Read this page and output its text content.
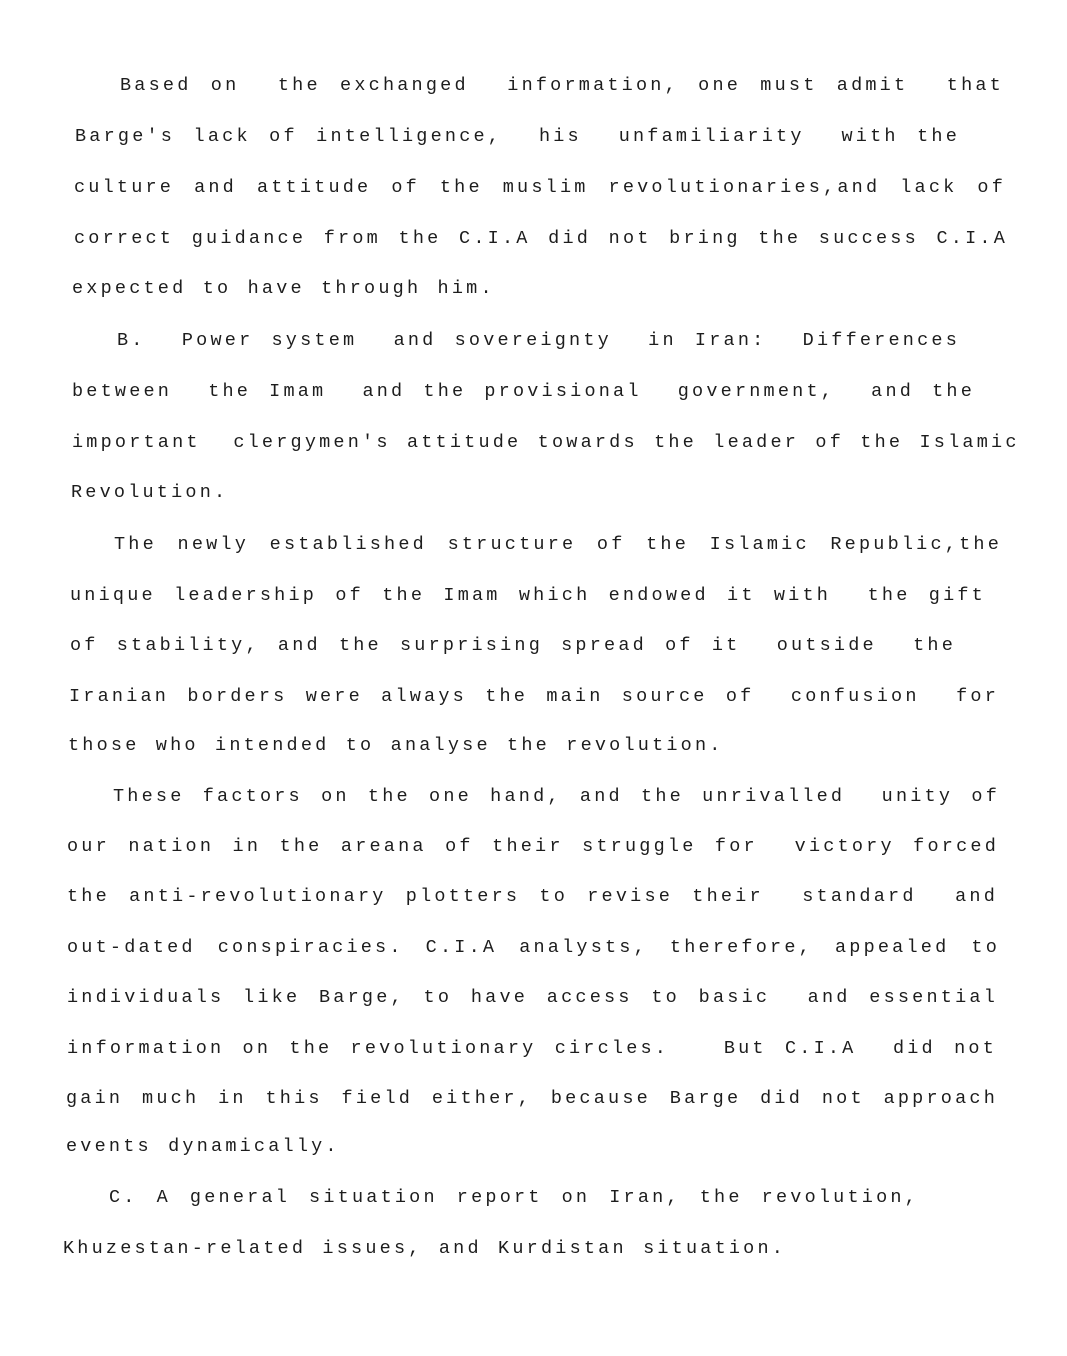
Based on  the exchanged  information, one must admit  that
Barge's lack of intelligence,  his  unfamiliarity  with the
culture and attitude of the muslim revolutionaries,and lack of
correct guidance from the C.I.A did not bring the success C.I.A
expected to have through him.
B.  Power system  and sovereignty  in Iran:  Differences
between  the Imam  and the provisional  government,  and the
important  clergymen's attitude towards the leader of the Islamic
Revolution.
The newly established structure of the Islamic Republic,the
unique leadership of the Imam which endowed it with  the gift
of stability, and the surprising spread of it  outside  the
Iranian borders were always the main source of  confusion  for
those who intended to analyse the revolution.
These factors on the one hand, and the unrivalled  unity of
our nation in the areana of their struggle for  victory forced
the anti-revolutionary plotters to revise their  standard  and
out-dated conspiracies. C.I.A analysts, therefore, appealed to
individuals like Barge, to have access to basic  and essential
information on the revolutionary circles.   But C.I.A  did not
gain much in this field either, because Barge did not approach
events dynamically.
C. A general situation report on Iran, the revolution,
Khuzestan-related issues, and Kurdistan situation.
